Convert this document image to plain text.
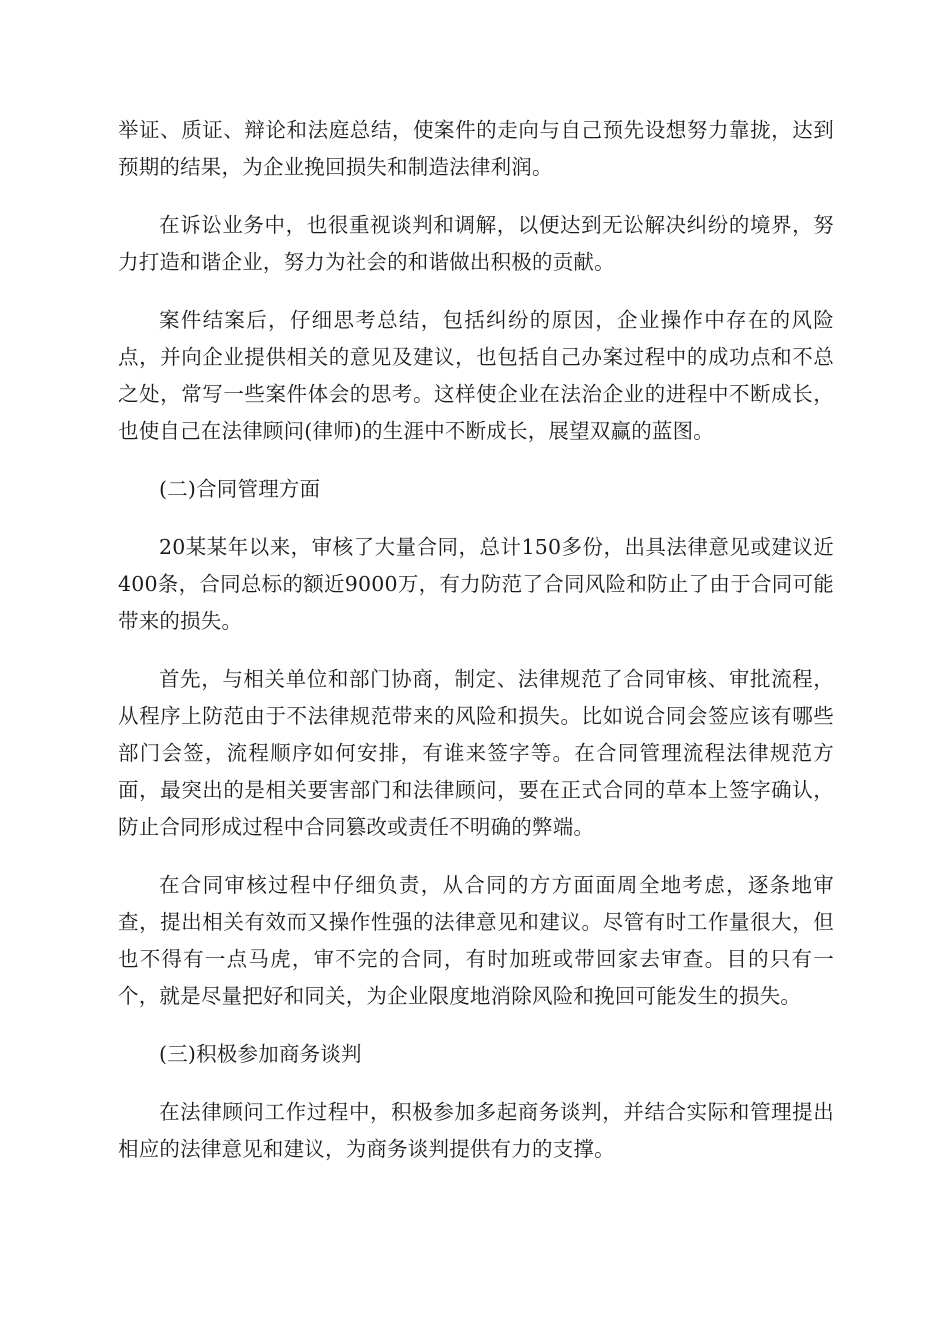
举证、质证、辩论和法庭总结，使案件的走向与自己预先设想努力靠拢，达到预期的结果，为企业挽回损失和制造法律利润。

在诉讼业务中，也很重视谈判和调解，以便达到无讼解决纠纷的境界，努力打造和谐企业，努力为社会的和谐做出积极的贡献。

案件结案后，仔细思考总结，包括纠纷的原因，企业操作中存在的风险点，并向企业提供相关的意见及建议，也包括自己办案过程中的成功点和不总之处，常写一些案件体会的思考。这样使企业在法治企业的进程中不断成长，也使自己在法律顾问(律师)的生涯中不断成长，展望双赢的蓝图。

(二)合同管理方面

20某某年以来，审核了大量合同，总计150多份，出具法律意见或建议近400条，合同总标的额近9000万，有力防范了合同风险和防止了由于合同可能带来的损失。

首先，与相关单位和部门协商，制定、法律规范了合同审核、审批流程，从程序上防范由于不法律规范带来的风险和损失。比如说合同会签应该有哪些部门会签，流程顺序如何安排，有谁来签字等。在合同管理流程法律规范方面，最突出的是相关要害部门和法律顾问，要在正式合同的草本上签字确认，防止合同形成过程中合同篡改或责任不明确的弊端。

在合同审核过程中仔细负责，从合同的方方面面周全地考虑，逐条地审查，提出相关有效而又操作性强的法律意见和建议。尽管有时工作量很大，但也不得有一点马虎，审不完的合同，有时加班或带回家去审查。目的只有一个，就是尽量把好和同关，为企业限度地消除风险和挽回可能发生的损失。

(三)积极参加商务谈判

在法律顾问工作过程中，积极参加多起商务谈判，并结合实际和管理提出相应的法律意见和建议，为商务谈判提供有力的支撑。
